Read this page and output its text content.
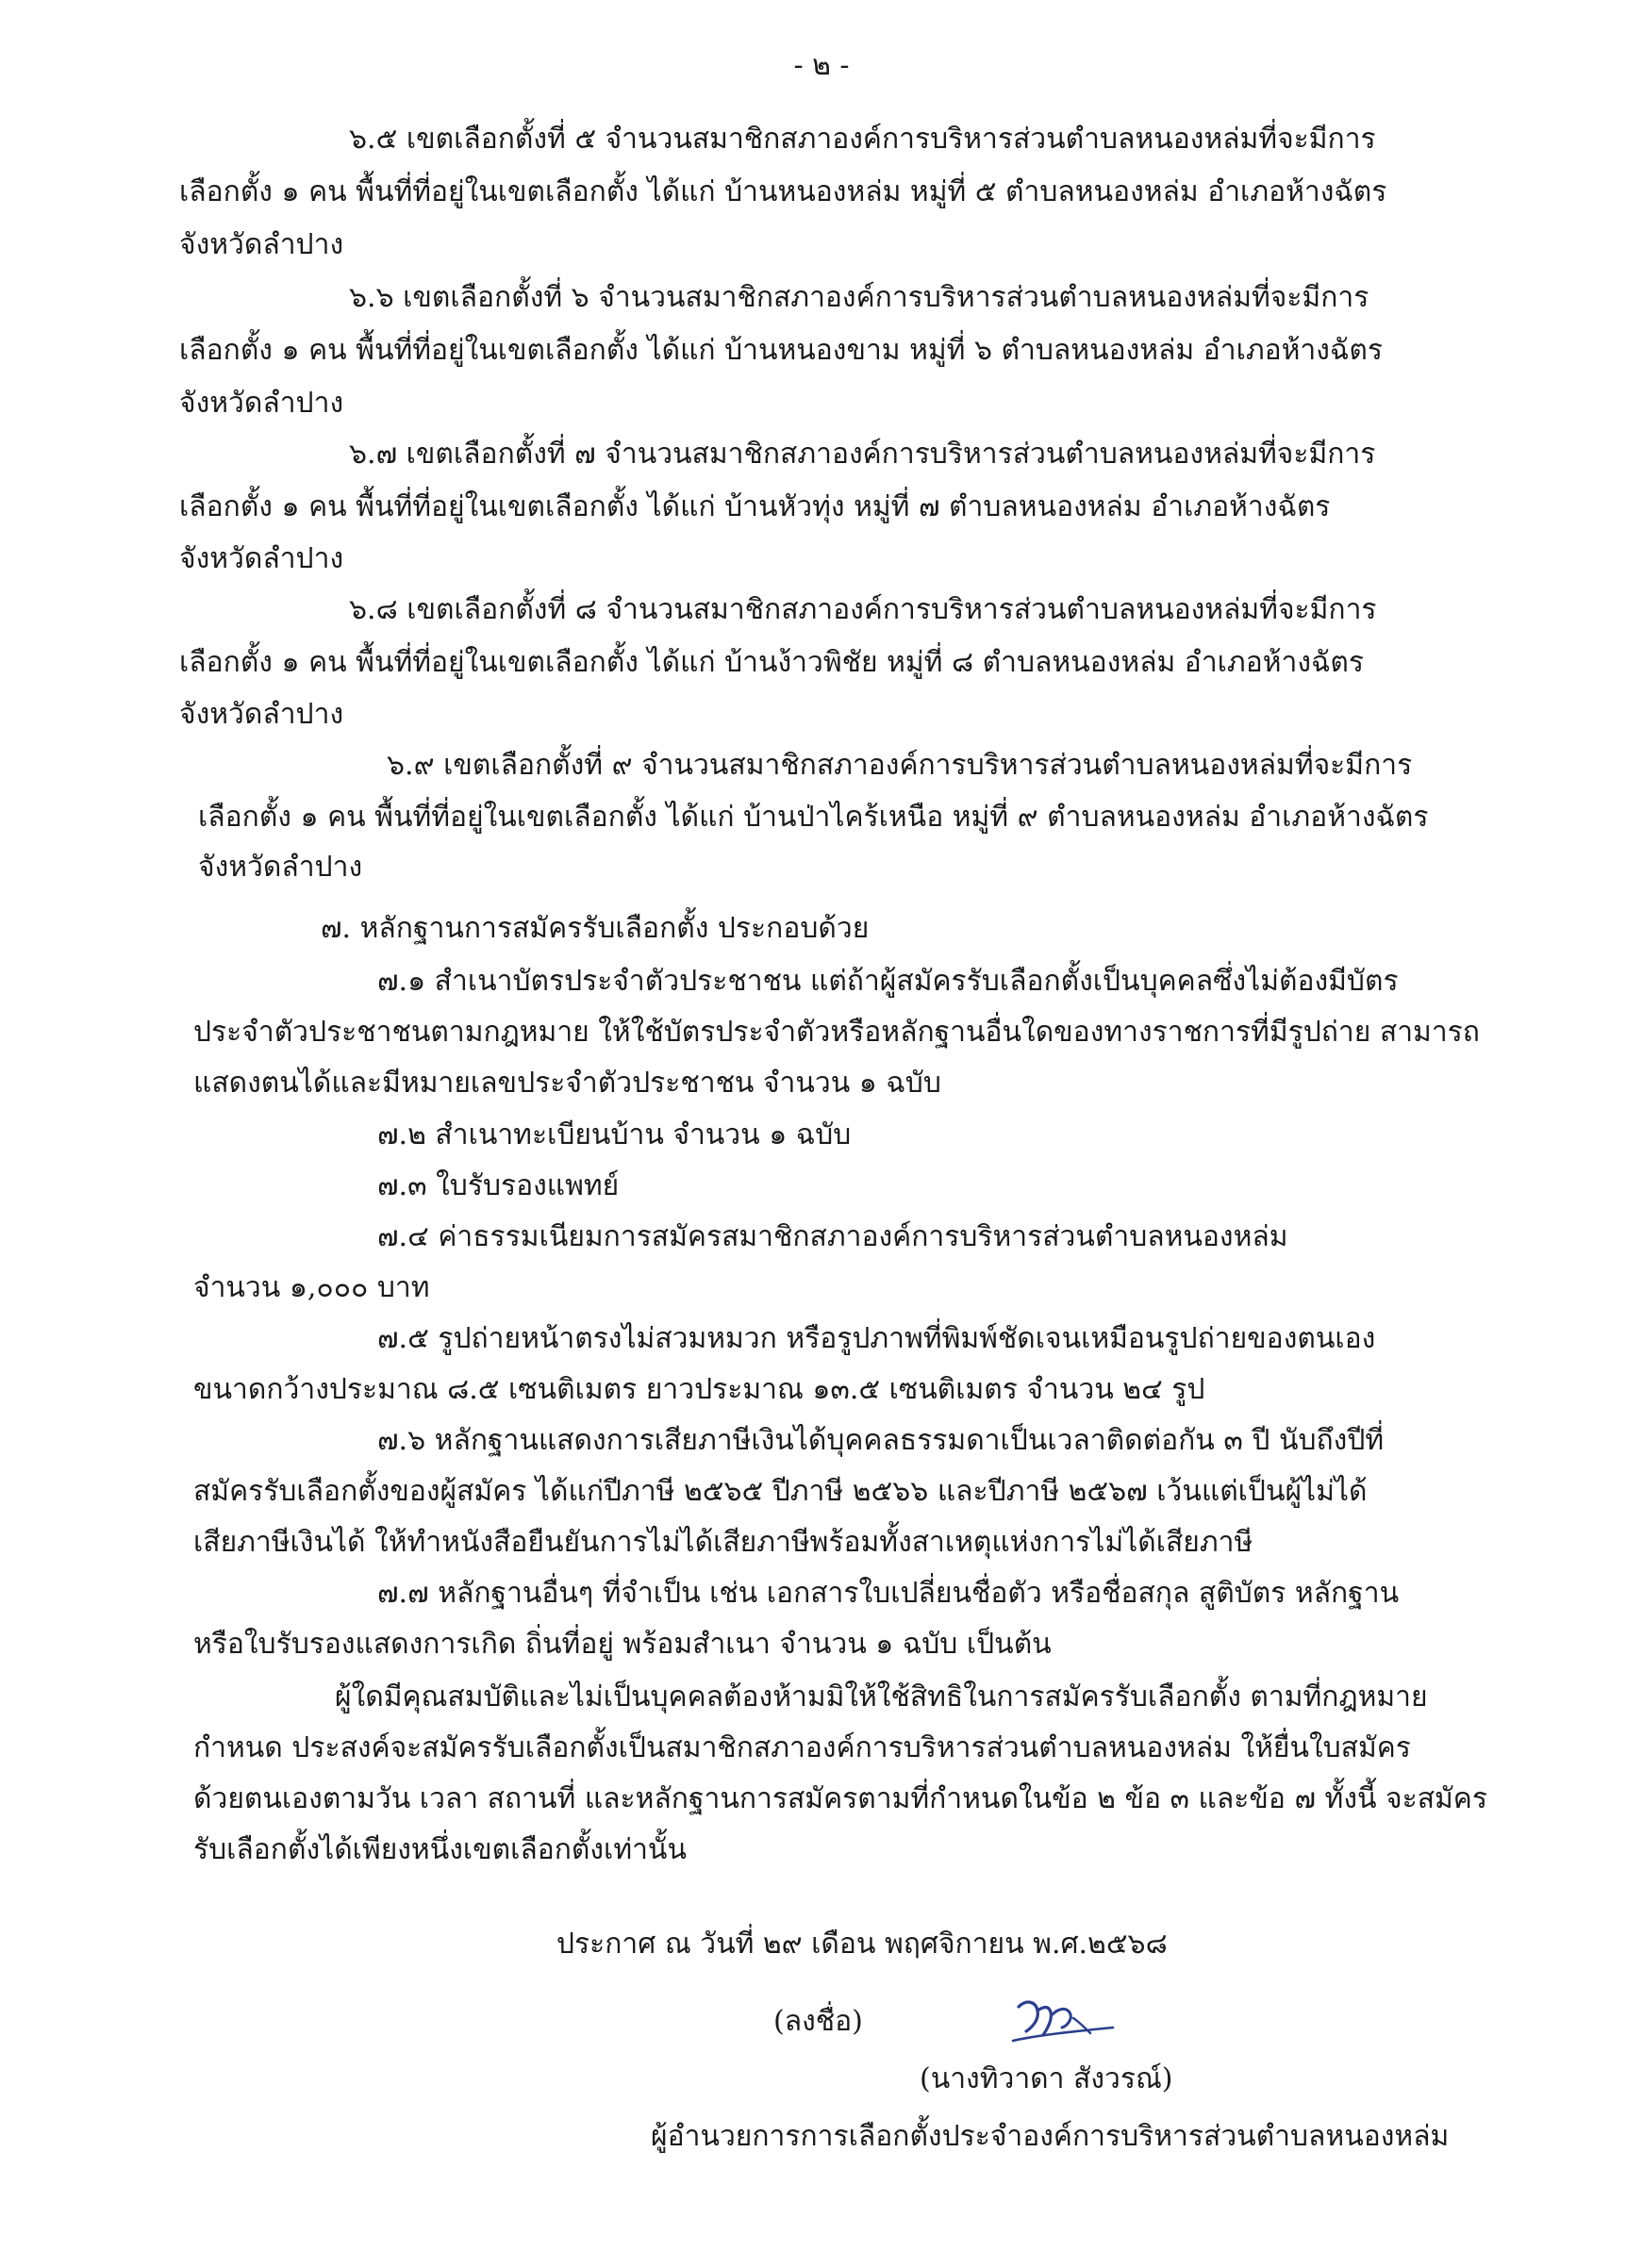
- ๒ -
๖.๕ เขตเลือกตั้งที่ ๕ จำนวนสมาชิกสภาองค์การบริหารส่วนตำบลหนองหล่มที่จะมีการ
เลือกตั้ง ๑ คน พื้นที่ที่อยู่ในเขตเลือกตั้ง ได้แก่ บ้านหนองหล่ม หมู่ที่ ๕ ตำบลหนองหล่ม อำเภอห้างฉัตร
จังหวัดลำปาง
๖.๖ เขตเลือกตั้งที่ ๖ จำนวนสมาชิกสภาองค์การบริหารส่วนตำบลหนองหล่มที่จะมีการ
เลือกตั้ง ๑ คน พื้นที่ที่อยู่ในเขตเลือกตั้ง ได้แก่ บ้านหนองขาม หมู่ที่ ๖ ตำบลหนองหล่ม อำเภอห้างฉัตร
จังหวัดลำปาง
๖.๗ เขตเลือกตั้งที่ ๗ จำนวนสมาชิกสภาองค์การบริหารส่วนตำบลหนองหล่มที่จะมีการ
เลือกตั้ง ๑ คน พื้นที่ที่อยู่ในเขตเลือกตั้ง ได้แก่ บ้านหัวทุ่ง หมู่ที่ ๗ ตำบลหนองหล่ม อำเภอห้างฉัตร
จังหวัดลำปาง
๖.๘ เขตเลือกตั้งที่ ๘ จำนวนสมาชิกสภาองค์การบริหารส่วนตำบลหนองหล่มที่จะมีการ
เลือกตั้ง ๑ คน พื้นที่ที่อยู่ในเขตเลือกตั้ง ได้แก่ บ้านง้าวพิชัย หมู่ที่ ๘ ตำบลหนองหล่ม อำเภอห้างฉัตร
จังหวัดลำปาง
๖.๙ เขตเลือกตั้งที่ ๙ จำนวนสมาชิกสภาองค์การบริหารส่วนตำบลหนองหล่มที่จะมีการ
เลือกตั้ง ๑ คน พื้นที่ที่อยู่ในเขตเลือกตั้ง ได้แก่ บ้านป่าไคร้เหนือ หมู่ที่ ๙ ตำบลหนองหล่ม อำเภอห้างฉัตร
จังหวัดลำปาง
๗. หลักฐานการสมัครรับเลือกตั้ง ประกอบด้วย
๗.๑ สำเนาบัตรประจำตัวประชาชน แต่ถ้าผู้สมัครรับเลือกตั้งเป็นบุคคลซึ่งไม่ต้องมีบัตร
ประจำตัวประชาชนตามกฎหมาย ให้ใช้บัตรประจำตัวหรือหลักฐานอื่นใดของทางราชการที่มีรูปถ่าย สามารถ
แสดงตนได้และมีหมายเลขประจำตัวประชาชน จำนวน ๑ ฉบับ
๗.๒ สำเนาทะเบียนบ้าน จำนวน ๑ ฉบับ
๗.๓ ใบรับรองแพทย์
๗.๔ ค่าธรรมเนียมการสมัครสมาชิกสภาองค์การบริหารส่วนตำบลหนองหล่ม
จำนวน ๑,๐๐๐ บาท
๗.๕ รูปถ่ายหน้าตรงไม่สวมหมวก หรือรูปภาพที่พิมพ์ชัดเจนเหมือนรูปถ่ายของตนเอง
ขนาดกว้างประมาณ ๘.๕ เซนติเมตร ยาวประมาณ ๑๓.๕ เซนติเมตร จำนวน ๒๔ รูป
๗.๖ หลักฐานแสดงการเสียภาษีเงินได้บุคคลธรรมดาเป็นเวลาติดต่อกัน ๓ ปี นับถึงปีที่
สมัครรับเลือกตั้งของผู้สมัคร ได้แก่ปีภาษี ๒๕๖๕ ปีภาษี ๒๕๖๖ และปีภาษี ๒๕๖๗ เว้นแต่เป็นผู้ไม่ได้
เสียภาษีเงินได้ ให้ทำหนังสือยืนยันการไม่ได้เสียภาษีพร้อมทั้งสาเหตุแห่งการไม่ได้เสียภาษี
๗.๗ หลักฐานอื่นๆ ที่จำเป็น เช่น เอกสารใบเปลี่ยนชื่อตัว หรือชื่อสกุล สูติบัตร หลักฐาน
หรือใบรับรองแสดงการเกิด ถิ่นที่อยู่ พร้อมสำเนา จำนวน ๑ ฉบับ เป็นต้น
ผู้ใดมีคุณสมบัติและไม่เป็นบุคคลต้องห้ามมิให้ใช้สิทธิในการสมัครรับเลือกตั้ง ตามที่กฎหมาย
กำหนด ประสงค์จะสมัครรับเลือกตั้งเป็นสมาชิกสภาองค์การบริหารส่วนตำบลหนองหล่ม ให้ยื่นใบสมัคร
ด้วยตนเองตามวัน เวลา สถานที่ และหลักฐานการสมัครตามที่กำหนดในข้อ ๒ ข้อ ๓ และข้อ ๗ ทั้งนี้ จะสมัคร
รับเลือกตั้งได้เพียงหนึ่งเขตเลือกตั้งเท่านั้น
ประกาศ ณ วันที่ ๒๙ เดือน พฤศจิกายน พ.ศ.๒๕๖๘
(ลงชื่อ)
(นางทิวาดา สังวรณ์)
ผู้อำนวยการการเลือกตั้งประจำองค์การบริหารส่วนตำบลหนองหล่ม
